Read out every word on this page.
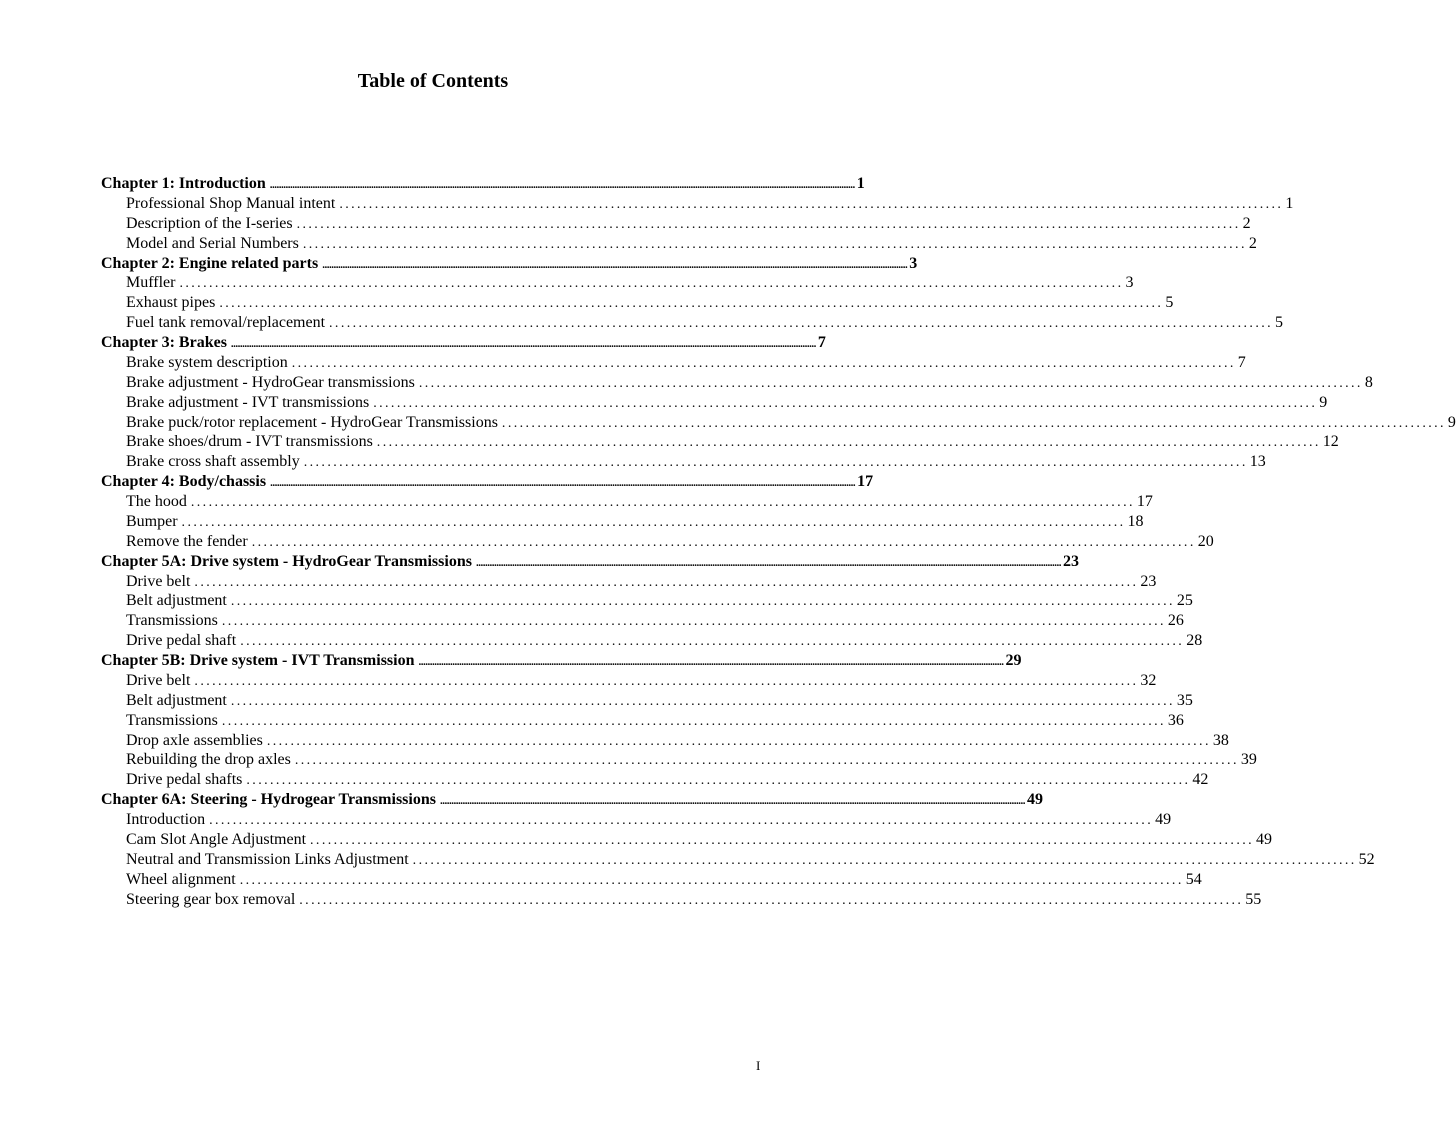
Table of Contents
Chapter 1: Introduction .................................................................................................................................................................................................................................................................... 1
Professional Shop Manual intent ................................................................................................................................................................ 1
Description of the I-series ................................................................................................................................................................ 2
Model and Serial Numbers ................................................................................................................................................................ 2
Chapter 2: Engine related parts .................................................................................................................................................................................................................................................................... 3
Muffler ................................................................................................................................................................ 3
Exhaust pipes ................................................................................................................................................................ 5
Fuel tank removal/replacement ................................................................................................................................................................ 5
Chapter 3: Brakes .................................................................................................................................................................................................................................................................... 7
Brake system description ................................................................................................................................................................ 7
Brake adjustment - HydroGear transmissions ................................................................................................................................................................ 8
Brake adjustment - IVT transmissions ................................................................................................................................................................ 9
Brake puck/rotor replacement - HydroGear Transmissions ................................................................................................................................................................ 9
Brake shoes/drum - IVT transmissions ................................................................................................................................................................ 12
Brake cross shaft assembly ................................................................................................................................................................ 13
Chapter 4: Body/chassis .................................................................................................................................................................................................................................................................... 17
The hood ................................................................................................................................................................ 17
Bumper ................................................................................................................................................................ 18
Remove the fender ................................................................................................................................................................ 20
Chapter 5A: Drive system - HydroGear Transmissions .................................................................................................................................................................................................................................................................... 23
Drive belt ................................................................................................................................................................ 23
Belt adjustment ................................................................................................................................................................ 25
Transmissions ................................................................................................................................................................ 26
Drive pedal shaft ................................................................................................................................................................ 28
Chapter 5B: Drive system - IVT Transmission .................................................................................................................................................................................................................................................................... 29
Drive belt ................................................................................................................................................................ 32
Belt adjustment ................................................................................................................................................................ 35
Transmissions ................................................................................................................................................................ 36
Drop axle assemblies ................................................................................................................................................................ 38
Rebuilding the drop axles ................................................................................................................................................................ 39
Drive pedal shafts ................................................................................................................................................................ 42
Chapter 6A: Steering - Hydrogear Transmissions .................................................................................................................................................................................................................................................................... 49
Introduction ................................................................................................................................................................ 49
Cam Slot Angle Adjustment ................................................................................................................................................................ 49
Neutral and Transmission Links Adjustment ................................................................................................................................................................ 52
Wheel alignment ................................................................................................................................................................ 54
Steering gear box removal ................................................................................................................................................................ 55
I
